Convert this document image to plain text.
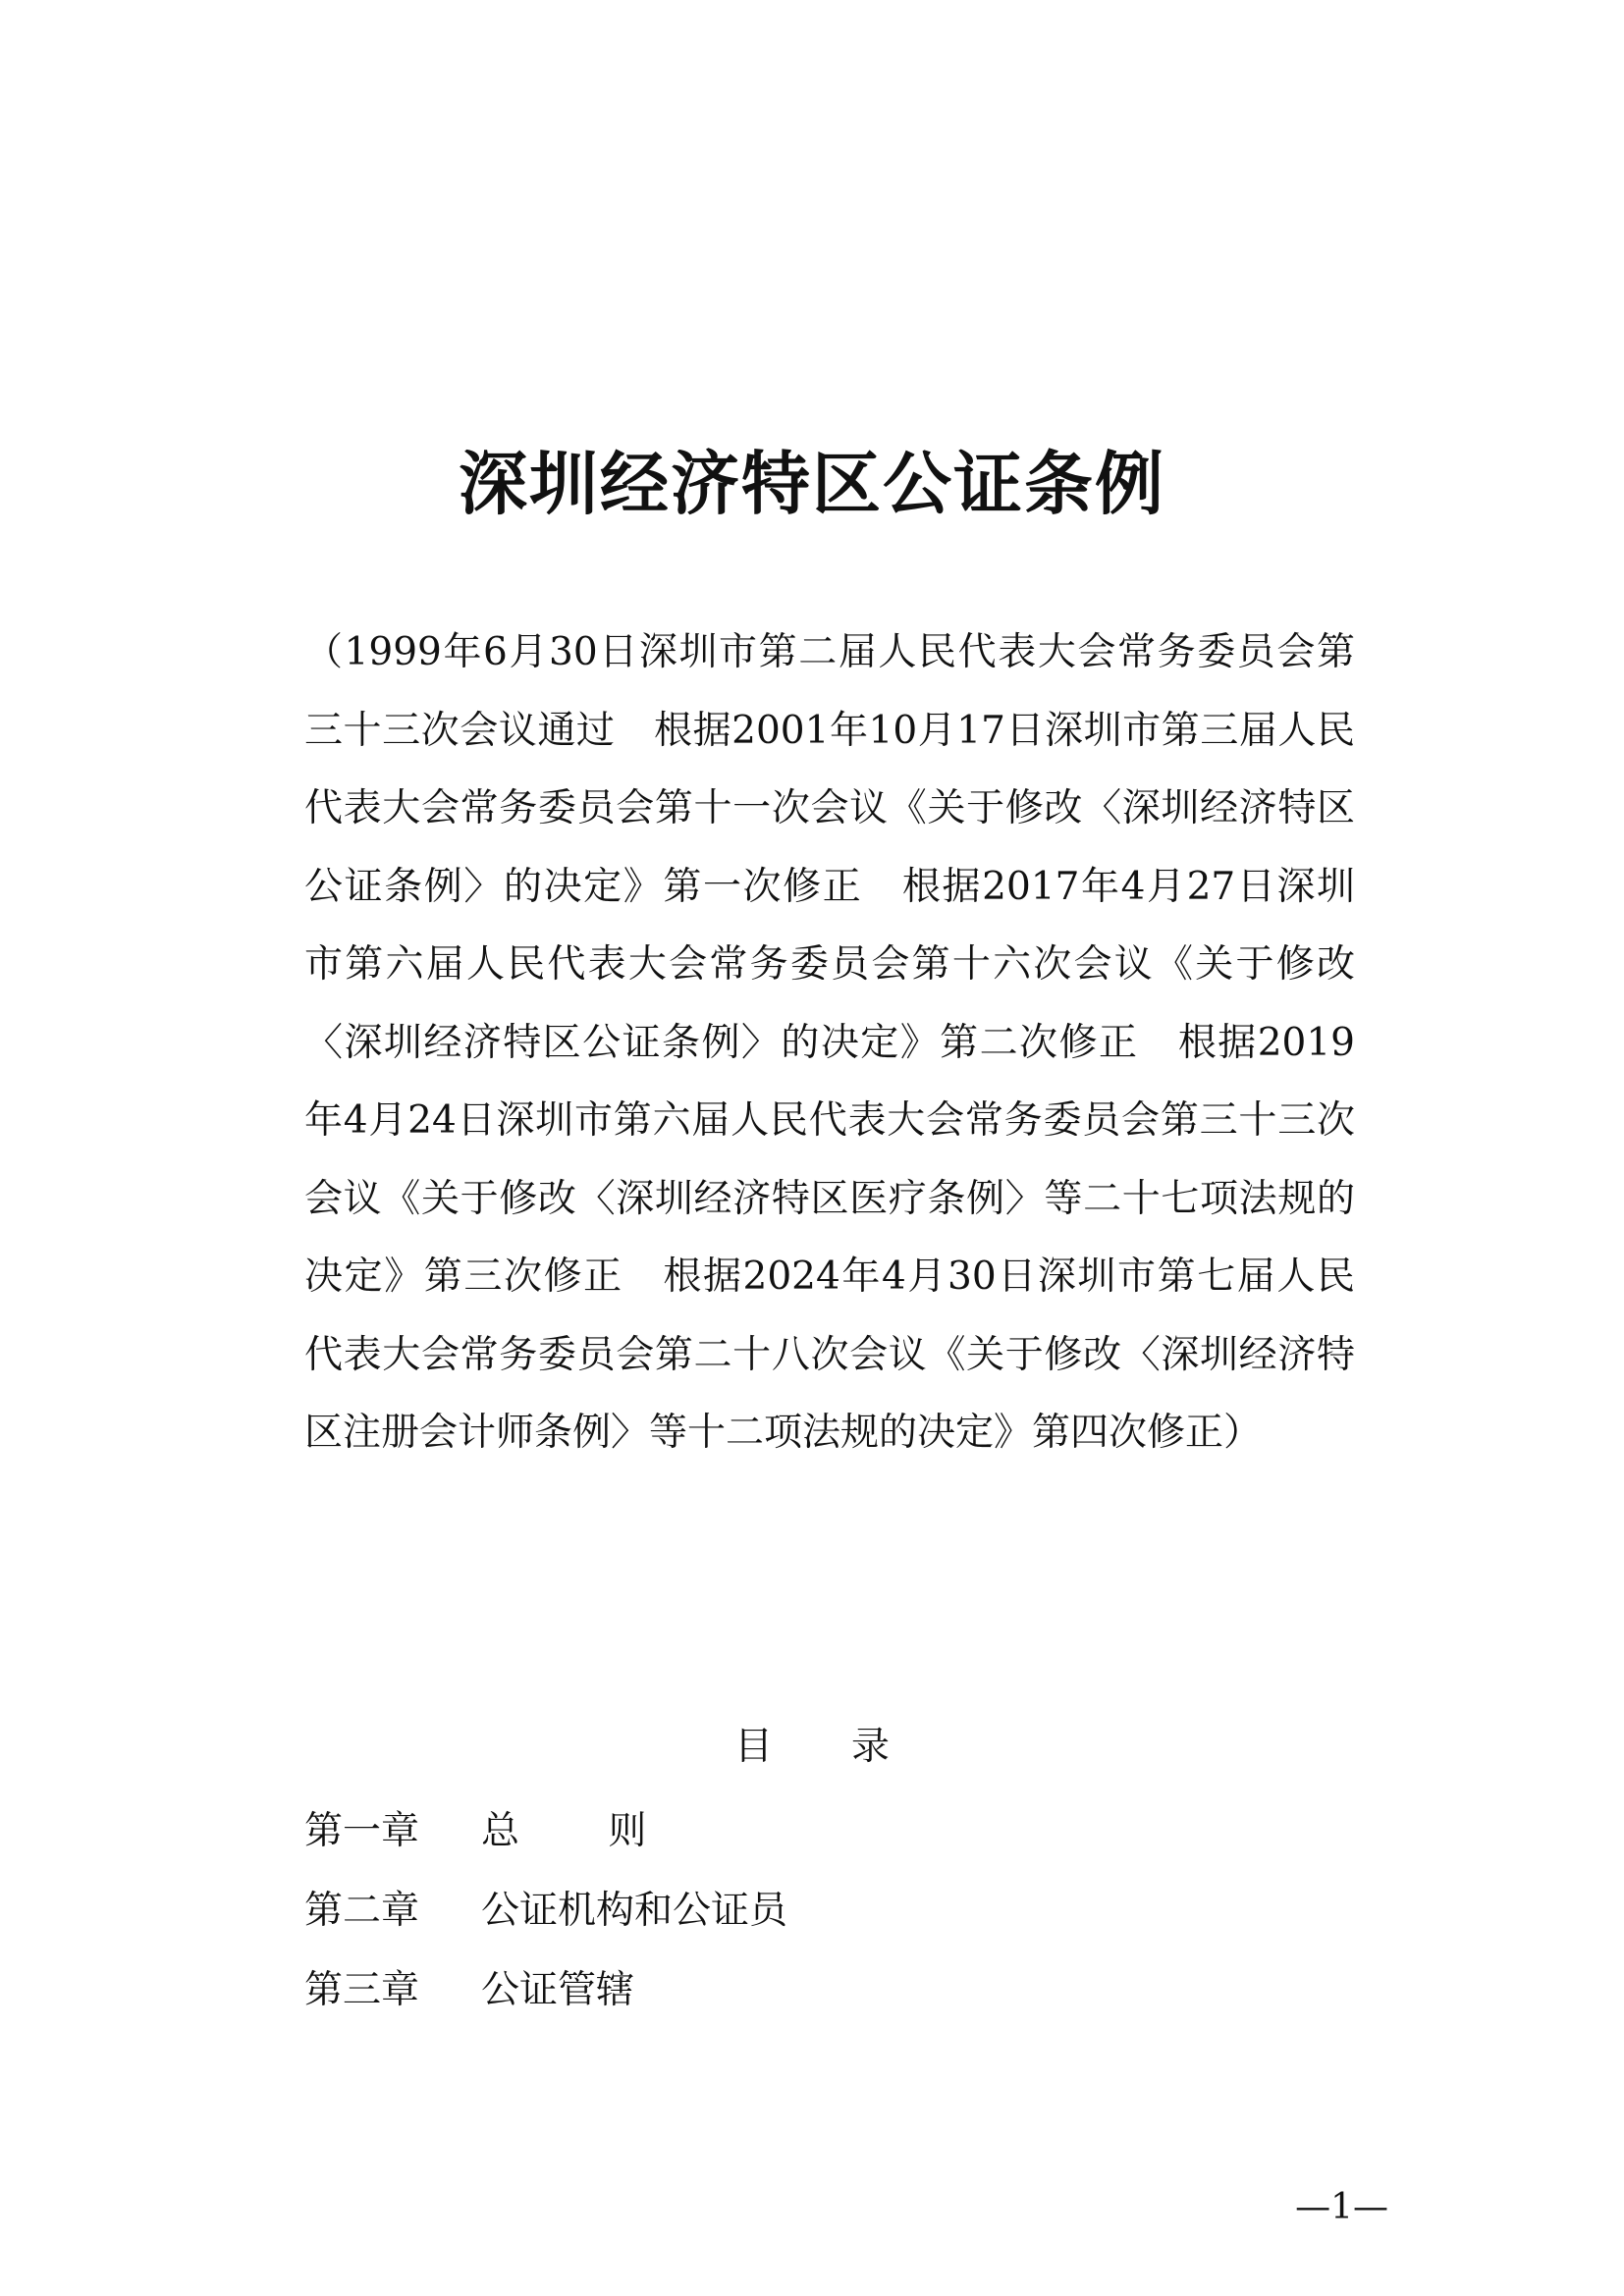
深圳经济特区公证条例

（1999年6月30日深圳市第二届人民代表大会常务委员会第三十三次会议通过　根据2001年10月17日深圳市第三届人民代表大会常务委员会第十一次会议《关于修改〈深圳经济特区公证条例〉的决定》第一次修正　根据2017年4月27日深圳市第六届人民代表大会常务委员会第十六次会议《关于修改〈深圳经济特区公证条例〉的决定》第二次修正　根据2019年4月24日深圳市第六届人民代表大会常务委员会第三十三次会议《关于修改〈深圳经济特区医疗条例〉等二十七项法规的决定》第三次修正　根据2024年4月30日深圳市第七届人民代表大会常务委员会第二十八次会议《关于修改〈深圳经济特区注册会计师条例〉等十二项法规的决定》第四次修正）

目 录
第一章 总 则
第二章 公证机构和公证员
第三章 公证管辖
—1—
